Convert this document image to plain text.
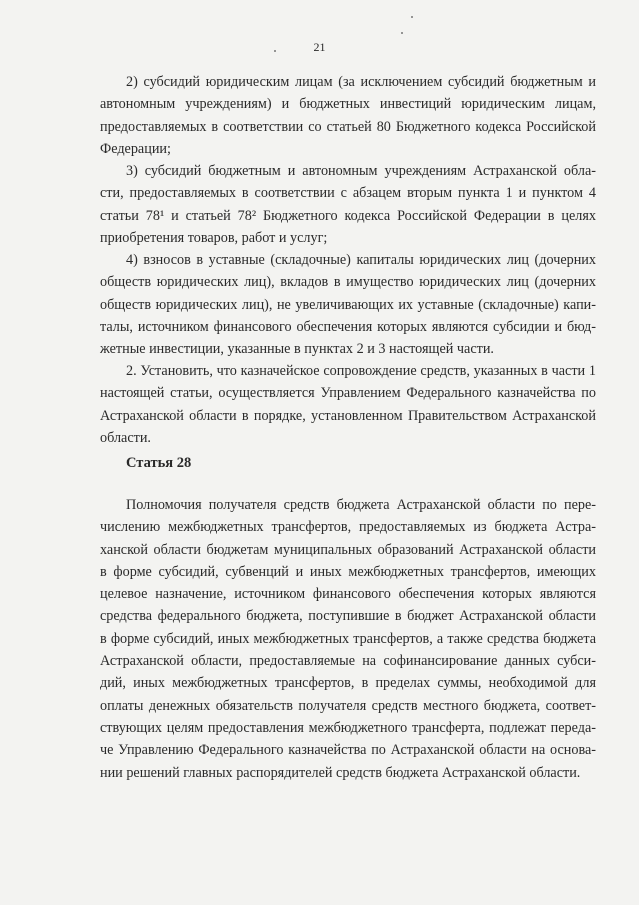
21
2) субсидий юридическим лицам (за исключением субсидий бюджетным и
автономным учреждениям) и бюджетных инвестиций юридическим лицам,
предоставляемых в соответствии со статьей 80 Бюджетного кодекса Российской
Федерации;
3) субсидий бюджетным и автономным учреждениям Астраханской обла-
сти, предоставляемых в соответствии с абзацем вторым пункта 1 и пунктом 4
статьи 78¹ и статьей 78² Бюджетного кодекса Российской Федерации в целях
приобретения товаров, работ и услуг;
4) взносов в уставные (складочные) капиталы юридических лиц (дочерних
обществ юридических лиц), вкладов в имущество юридических лиц (дочерних
обществ юридических лиц), не увеличивающих их уставные (складочные) капи-
талы, источником финансового обеспечения которых являются субсидии и бюд-
жетные инвестиции, указанные в пунктах 2 и 3 настоящей части.
2. Установить, что казначейское сопровождение средств, указанных в части 1
настоящей статьи, осуществляется Управлением Федерального казначейства по
Астраханской области в порядке, установленном Правительством Астраханской
области.
Статья 28
Полномочия получателя средств бюджета Астраханской области по пере-
числению межбюджетных трансфертов, предоставляемых из бюджета Астра-
ханской области бюджетам муниципальных образований Астраханской области
в форме субсидий, субвенций и иных межбюджетных трансфертов, имеющих
целевое назначение, источником финансового обеспечения которых являются
средства федерального бюджета, поступившие в бюджет Астраханской области
в форме субсидий, иных межбюджетных трансфертов, а также средства бюджета
Астраханской области, предоставляемые на софинансирование данных субси-
дий, иных межбюджетных трансфертов, в пределах суммы, необходимой для
оплаты денежных обязательств получателя средств местного бюджета, соответ-
ствующих целям предоставления межбюджетного трансферта, подлежат переда-
че Управлению Федерального казначейства по Астраханской области на основа-
нии решений главных распорядителей средств бюджета Астраханской области.
